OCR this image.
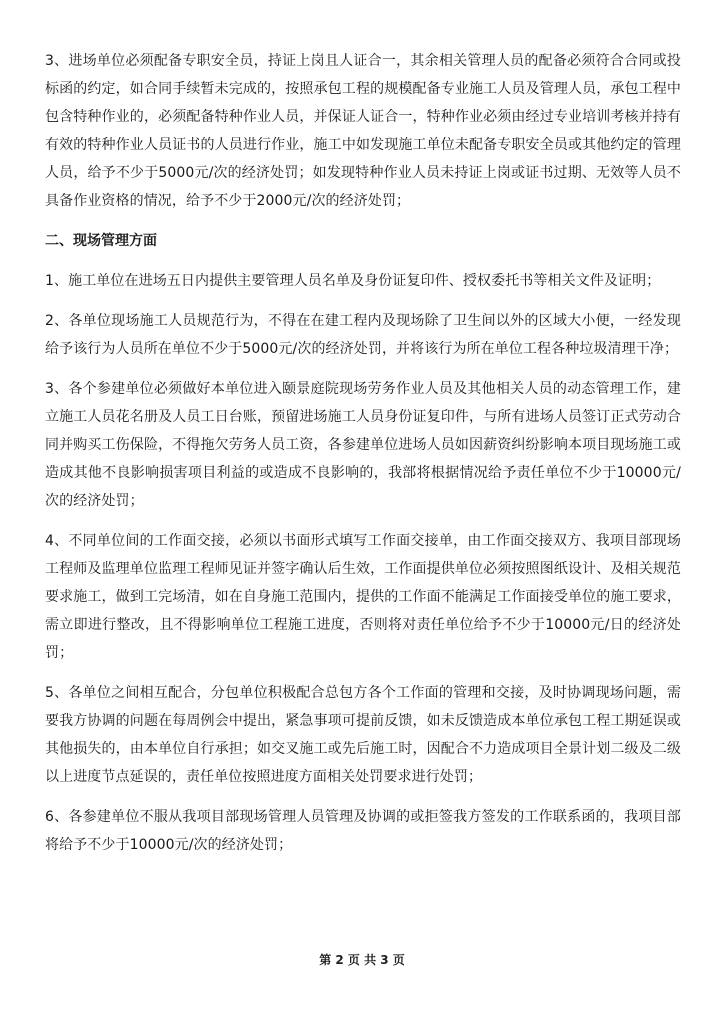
3、进场单位必须配备专职安全员，持证上岗且人证合一，其余相关管理人员的配备必须符合合同或投标函的约定，如合同手续暂未完成的，按照承包工程的规模配备专业施工人员及管理人员，承包工程中包含特种作业的，必须配备特种作业人员，并保证人证合一，特种作业必须由经过专业培训考核并持有有效的特种作业人员证书的人员进行作业，施工中如发现施工单位未配备专职安全员或其他约定的管理人员，给予不少于5000元/次的经济处罚；如发现特种作业人员未持证上岗或证书过期、无效等人员不具备作业资格的情况，给予不少于2000元/次的经济处罚；

二、现场管理方面

1、施工单位在进场五日内提供主要管理人员名单及身份证复印件、授权委托书等相关文件及证明；

2、各单位现场施工人员规范行为，不得在在建工程内及现场除了卫生间以外的区域大小便，一经发现给予该行为人员所在单位不少于5000元/次的经济处罚，并将该行为所在单位工程各种垃圾清理干净；

3、各个参建单位必须做好本单位进入颐景庭院现场劳务作业人员及其他相关人员的动态管理工作，建立施工人员花名册及人员工日台账，预留进场施工人员身份证复印件，与所有进场人员签订正式劳动合同并购买工伤保险，不得拖欠劳务人员工资，各参建单位进场人员如因薪资纠纷影响本项目现场施工或造成其他不良影响损害项目利益的或造成不良影响的，我部将根据情况给予责任单位不少于10000元/次的经济处罚；

4、不同单位间的工作面交接，必须以书面形式填写工作面交接单，由工作面交接双方、我项目部现场工程师及监理单位监理工程师见证并签字确认后生效，工作面提供单位必须按照图纸设计、及相关规范要求施工，做到工完场清，如在自身施工范围内，提供的工作面不能满足工作面接受单位的施工要求，需立即进行整改，且不得影响单位工程施工进度，否则将对责任单位给予不少于10000元/日的经济处罚；

5、各单位之间相互配合，分包单位积极配合总包方各个工作面的管理和交接，及时协调现场问题，需要我方协调的问题在每周例会中提出，紧急事项可提前反馈，如未反馈造成本单位承包工程工期延误或其他损失的，由本单位自行承担；如交叉施工或先后施工时，因配合不力造成项目全景计划二级及二级以上进度节点延误的，责任单位按照进度方面相关处罚要求进行处罚；

6、各参建单位不服从我项目部现场管理人员管理及协调的或拒签我方签发的工作联系函的，我项目部将给予不少于10000元/次的经济处罚；

第 2 页 共 3 页
